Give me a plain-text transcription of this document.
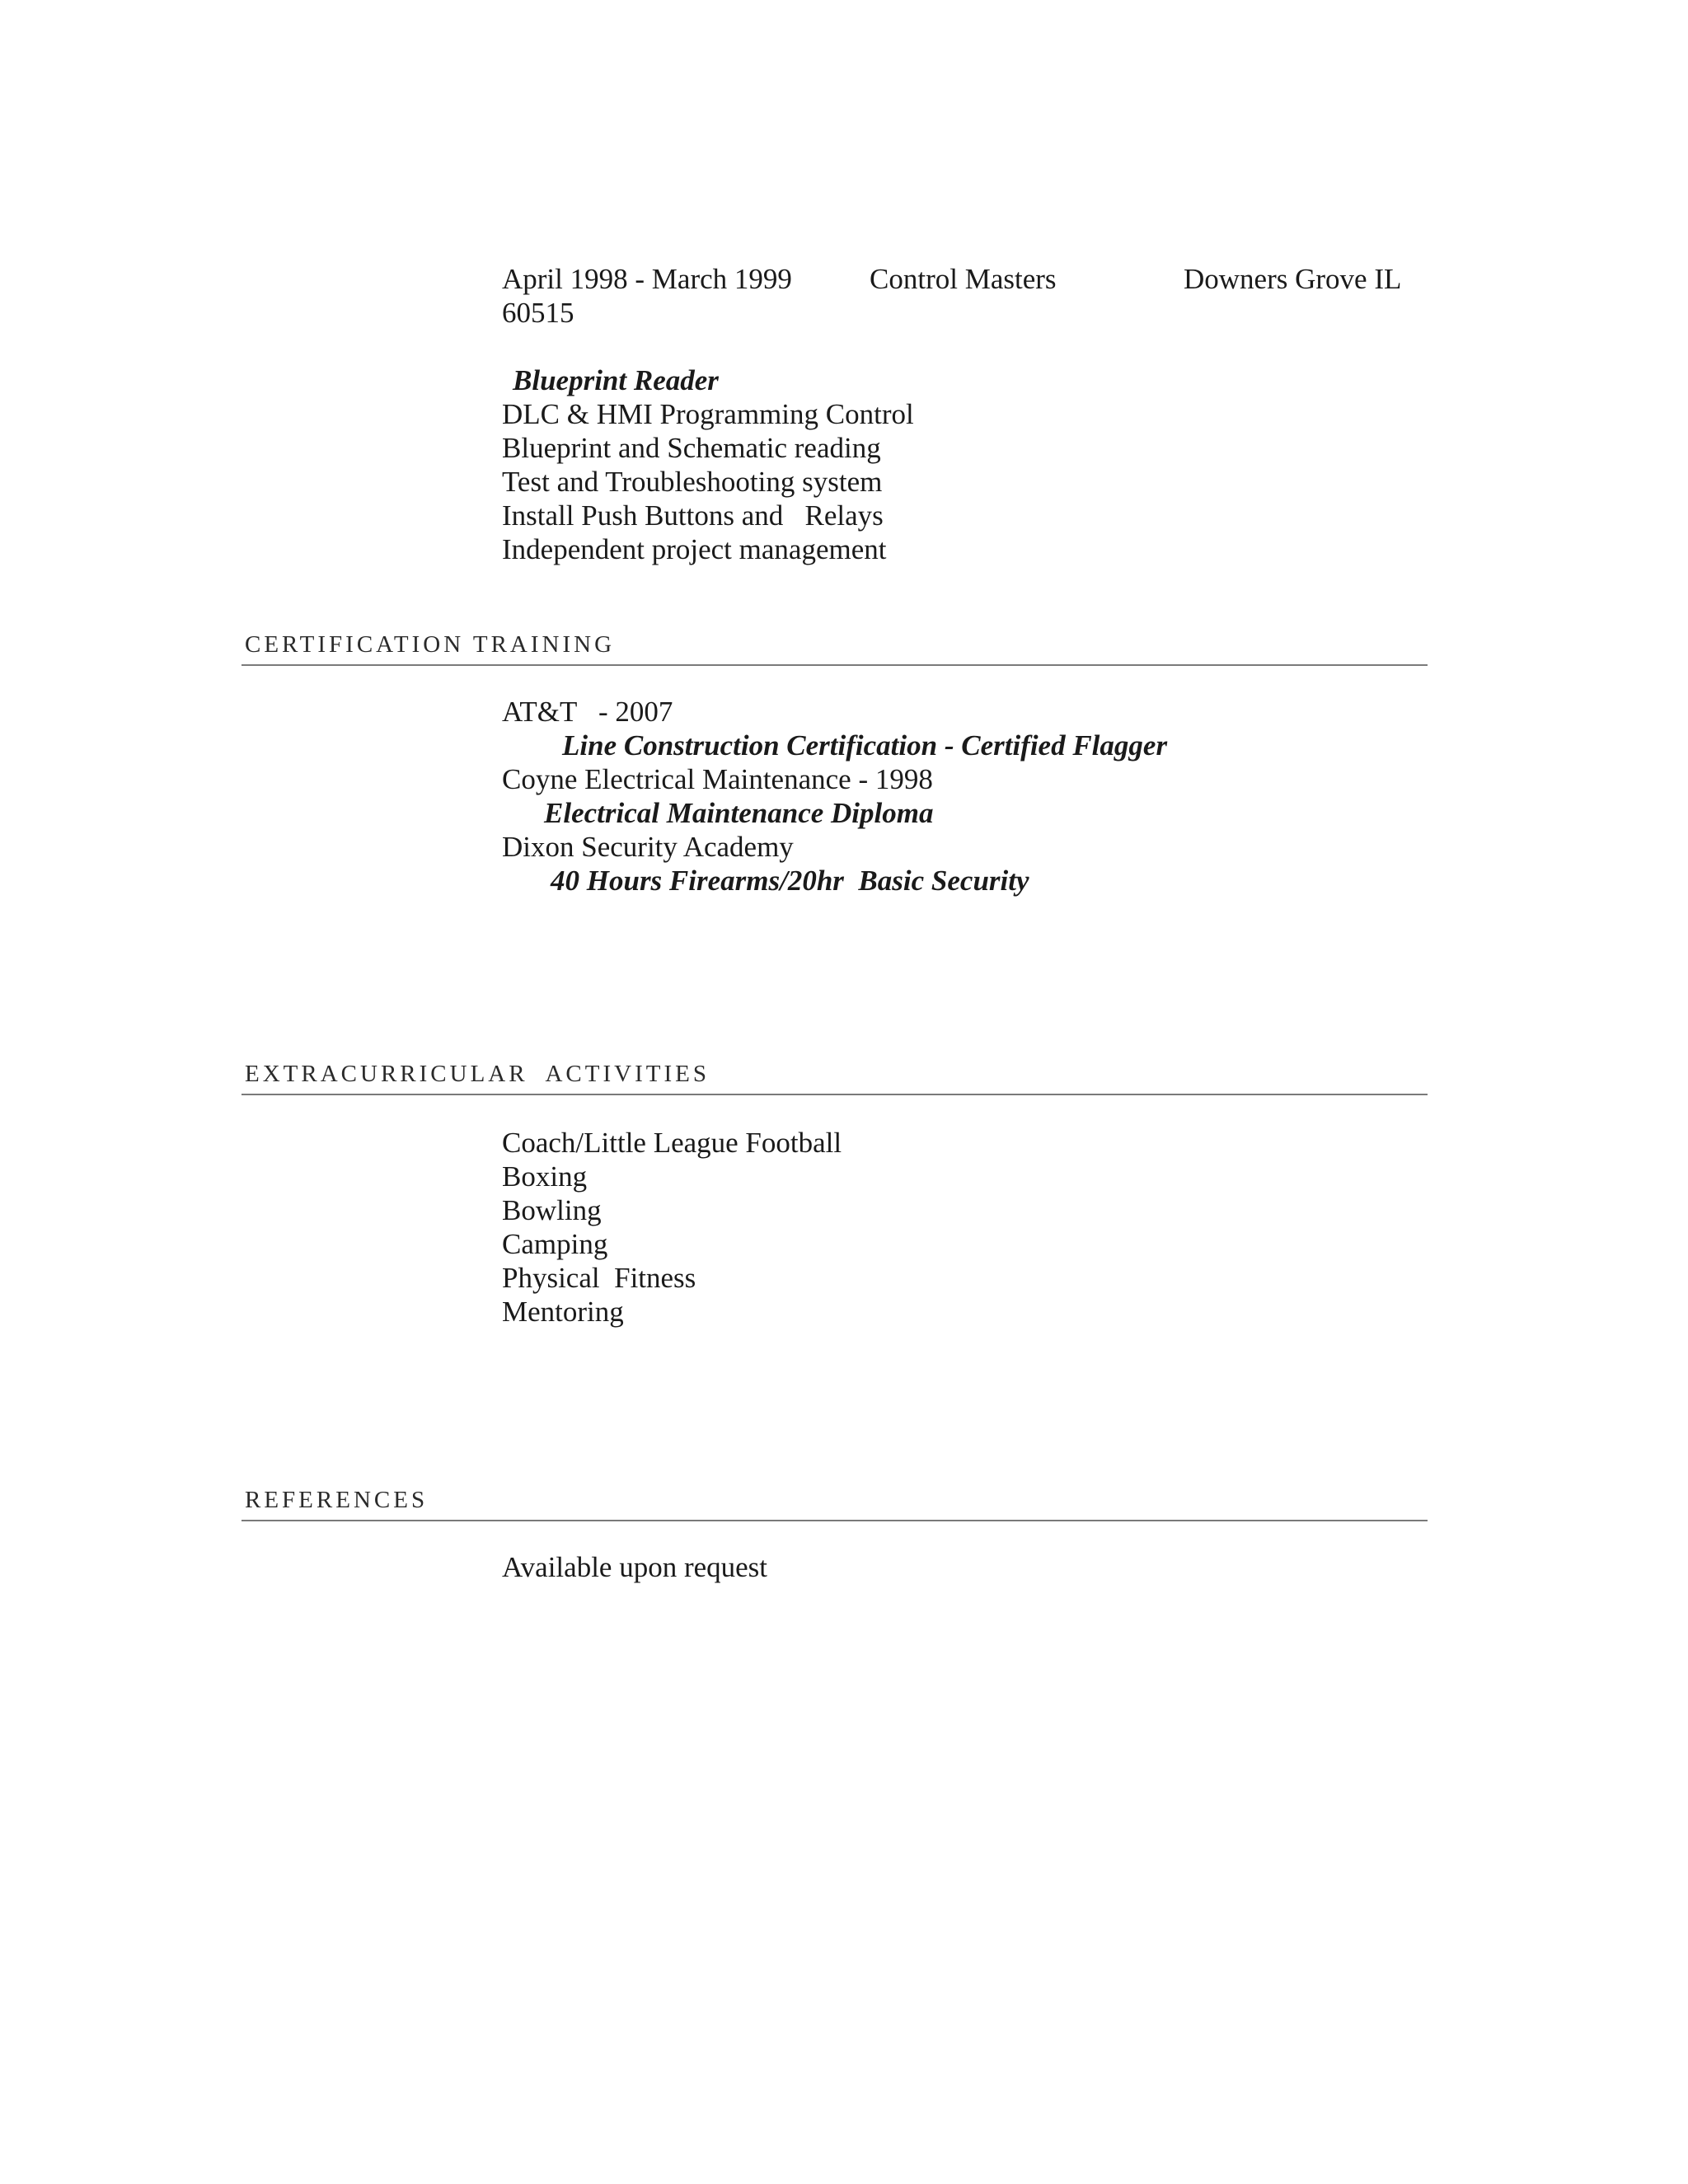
April 1998 - March 1999	Control Masters	Downers Grove IL
60515
Blueprint Reader
DLC & HMI Programming Control
Blueprint and Schematic reading
Test and Troubleshooting system
Install Push Buttons and   Relays
Independent project management
CERTIFICATION TRAINING
AT&T   - 2007
Line Construction Certification - Certified Flagger
Coyne Electrical Maintenance - 1998
Electrical Maintenance Diploma
Dixon Security Academy
40 Hours Firearms/20hr  Basic Security
EXTRACURRICULAR  ACTIVITIES
Coach/Little League Football
Boxing
Bowling
Camping
Physical  Fitness
Mentoring
REFERENCES
Available upon request
